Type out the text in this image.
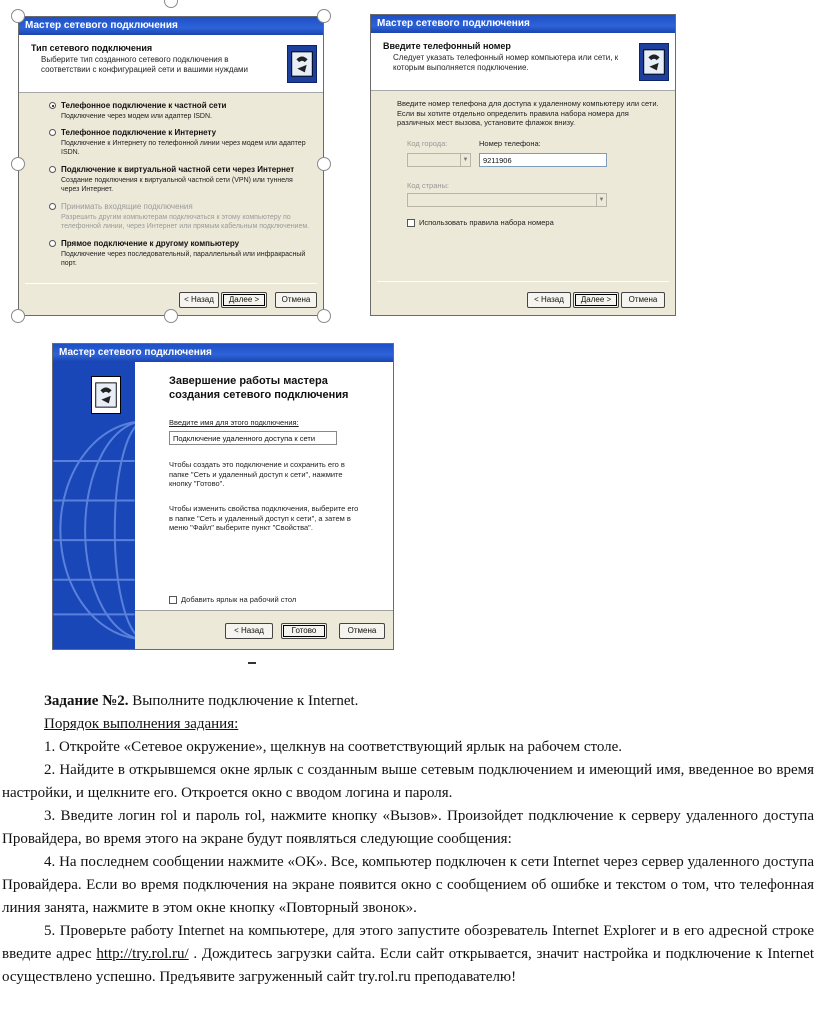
Мастер сетевого подключения
Тип сетевого подключения
Выберите тип созданного сетевого подключения в соответствии с конфигурацией сети и вашими нуждами
Телефонное подключение к частной сети
Подключение через модем или адаптер ISDN.
Телефонное подключение к Интернету
Подключение к Интернету по телефонной линии через модем или адаптер ISDN.
Подключение к виртуальной частной сети через Интернет
Создание подключения к виртуальной частной сети (VPN) или туннеля через Интернет.
Принимать входящие подключения
Разрешить другим компьютерам подключаться к этому компьютеру по телефонной линии, через Интернет или прямым кабельным подключением.
Прямое подключение к другому компьютеру
Подключение через последовательный, параллельный или инфракрасный порт.
< Назад	Далее >	Отмена
Мастер сетевого подключения
Введите телефонный номер
Следует указать телефонный номер компьютера или сети, к которым выполняется подключение.
Введите номер телефона для доступа к удаленному компьютеру или сети. Если вы хотите отдельно определить правила набора номера для различных мест вызова, установите флажок внизу.
Код города:
▼
Номер телефона:
9211906
Код страны:
▼
Использовать правила набора номера
< Назад	Далее >	Отмена
Мастер сетевого подключения
Завершение работы мастера
создания сетевого подключения
Введите имя для этого подключения:
Подключение удаленного доступа к сети
Чтобы создать это подключение и сохранить его в папке "Сеть и удаленный доступ к сети", нажмите кнопку "Готово".
Чтобы изменить свойства подключения, выберите его в папке "Сеть и удаленный доступ к сети", а затем в меню "Файл" выберите пункт "Свойства".
Добавить ярлык на рабочий стол
< Назад	Готово	Отмена
Задание №2. Выполните подключение к Internet.
Порядок выполнения задания:
1. Откройте «Сетевое окружение», щелкнув на соответствующий ярлык на рабочем столе.
2. Найдите в открывшемся окне ярлык с созданным выше сетевым подключением и имеющий имя, введенное во время настройки, и щелкните его. Откроется окно с вводом логина и пароля.
3. Введите логин rol и пароль rol, нажмите кнопку «Вызов». Произойдет подключение к серверу удаленного доступа Провайдера, во время этого на экране будут появляться следующие сообщения:
4. На последнем сообщении нажмите «ОК». Все, компьютер подключен к сети Internet через сервер удаленного доступа Провайдера. Если во время подключения на экране появится окно с сообщением об ошибке и текстом о том, что телефонная линия занята, нажмите в этом окне кнопку «Повторный звонок».
5. Проверьте работу Internet на компьютере, для этого запустите обозреватель Internet Explorer и в его адресной строке введите адрес http://try.rol.ru/ . Дождитесь загрузки сайта. Если сайт открывается, значит настройка и подключение к Internet осуществлено успешно. Предъявите загруженный сайт try.rol.ru преподавателю!
